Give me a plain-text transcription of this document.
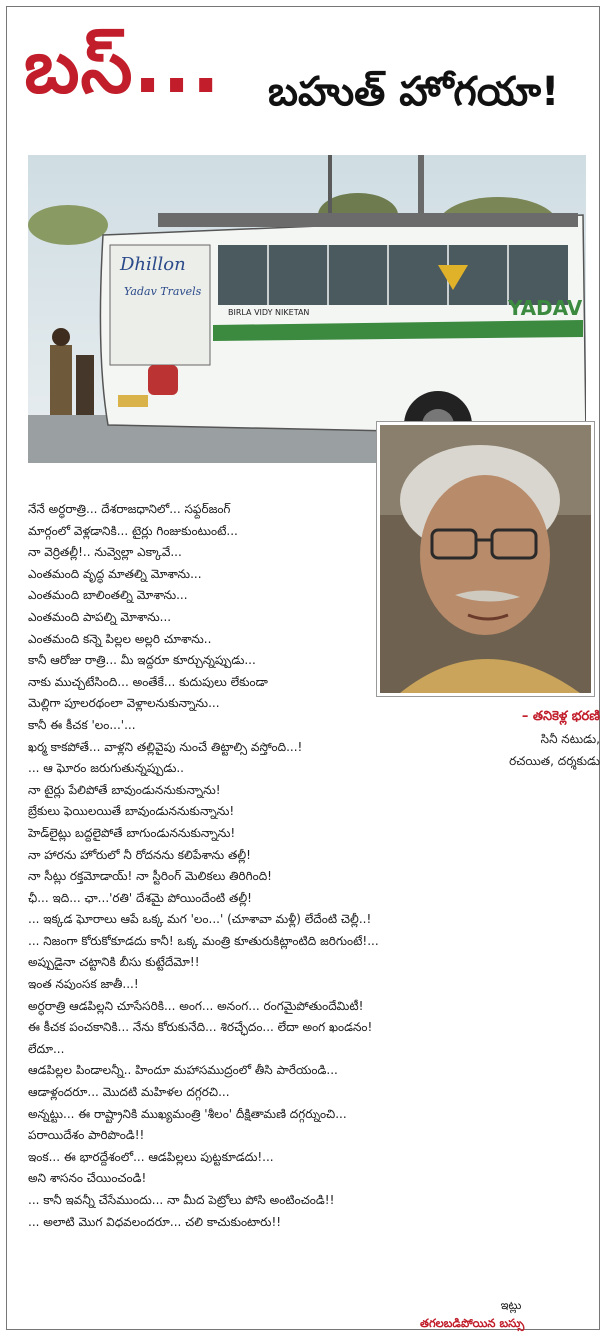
బస్... బహుత్ హోగయా!
Dhillon
Yadav Travels
YADAV
BIRLA VIDY NIKETAN
– తనికెళ్ల భరణి
సినీ నటుడు,
రచయిత, దర్శకుడు
నేనే అర్ధరాత్రి... దేశరాజధానిలో... సఫ్దర్‌జంగ్
మార్గంలో వెళ్లడానికి... టైర్లు గింజుకుంటుంటే...
నా వెర్రితల్లీ!.. నువ్వెల్లా ఎక్కావే...
ఎంతమంది వృద్ధ మాతల్ని మోశాను...
ఎంతమంది బాలింతల్ని మోశాను...
ఎంతమంది పాపల్ని మోశాను...
ఎంతమంది కన్నె పిల్లల అల్లరి చూశాను..
కానీ ఆరోజు రాత్రి... మీ ఇద్దరూ కూర్చున్నప్పుడు...
నాకు ముచ్చటేసింది... అంతేకే... కుదుపులు లేకుండా
మెల్లిగా పూలరథంలా వెళ్లాలనుకున్నాను...
కానీ ఈ కీచక 'లం...'...
ఖర్మ కాకపోతే... వాళ్లని తల్లివైపు నుంచే తిట్టాల్సి వస్తోంది...!
... ఆ ఘోరం జరుగుతున్నప్పుడు..
నా టైర్లు పేలిపోతే బావుండుననుకున్నాను!
బ్రేకులు ఫెయిలయితే బావుండుననుకున్నాను!
హెడ్‌లైట్లు బద్దలైపోతే బాగుండుననుకున్నాను!
నా హారను హోరులో నీ రోదనను కలిపేశాను తల్లీ!
నా సీట్లు రక్తమోడాయ్! నా స్టీరింగ్ మెలికలు తిరిగింది!
ఛీ... ఇది... ఛా...'రతి' దేశమై పోయిందేంటి తల్లీ!
... ఇక్కడ ఘోరాలు ఆపే ఒక్క మగ 'లం...' (చూశావా మళ్లీ) లేదేంటి చెల్లీ..!
... నిజంగా కోరుకోకూడదు కానీ! ఒక్క మంత్రి కూతురుకిట్లాంటిది జరిగుంటే!...
అప్పుడైనా చట్టానికి బీసు కుట్టేదేమో!!
ఇంత నపుంసక జాతీ...!
అర్ధరాత్రి ఆడపిల్లని చూసేసరికి... అంగ... అనంగ... రంగమైపోతుందేమిటీ!
ఈ కీచక పంచకానికి... నేను కోరుకునేది... శిరచ్ఛేదం... లేదా అంగ ఖండనం!
లేదూ...
ఆడపిల్లల పిండాలన్నీ.. హిందూ మహాసముద్రంలో తీసి పారేయండి...
ఆడాళ్లందరూ... మొదటి మహిళల దగ్గరచి...
అన్నట్టు... ఈ రాష్ట్రానికి ముఖ్యమంత్రి 'శీలం' దీక్షితామణి దగ్గర్నుంచి...
పరాయిదేశం పారిపొండి!!
ఇంక... ఈ భారద్దేశంలో... ఆడపిల్లలు పుట్టకూడదు!...
అని శాసనం చేయించండి!
... కానీ ఇవన్నీ చేసేముందు... నా మీద పెట్రోలు పోసి అంటించండి!!
... అలాటి మొగ విధవలందరూ... చలి కాచుకుంటారు!!
ఇట్లు
తగలబడిపోయిన బస్సు
